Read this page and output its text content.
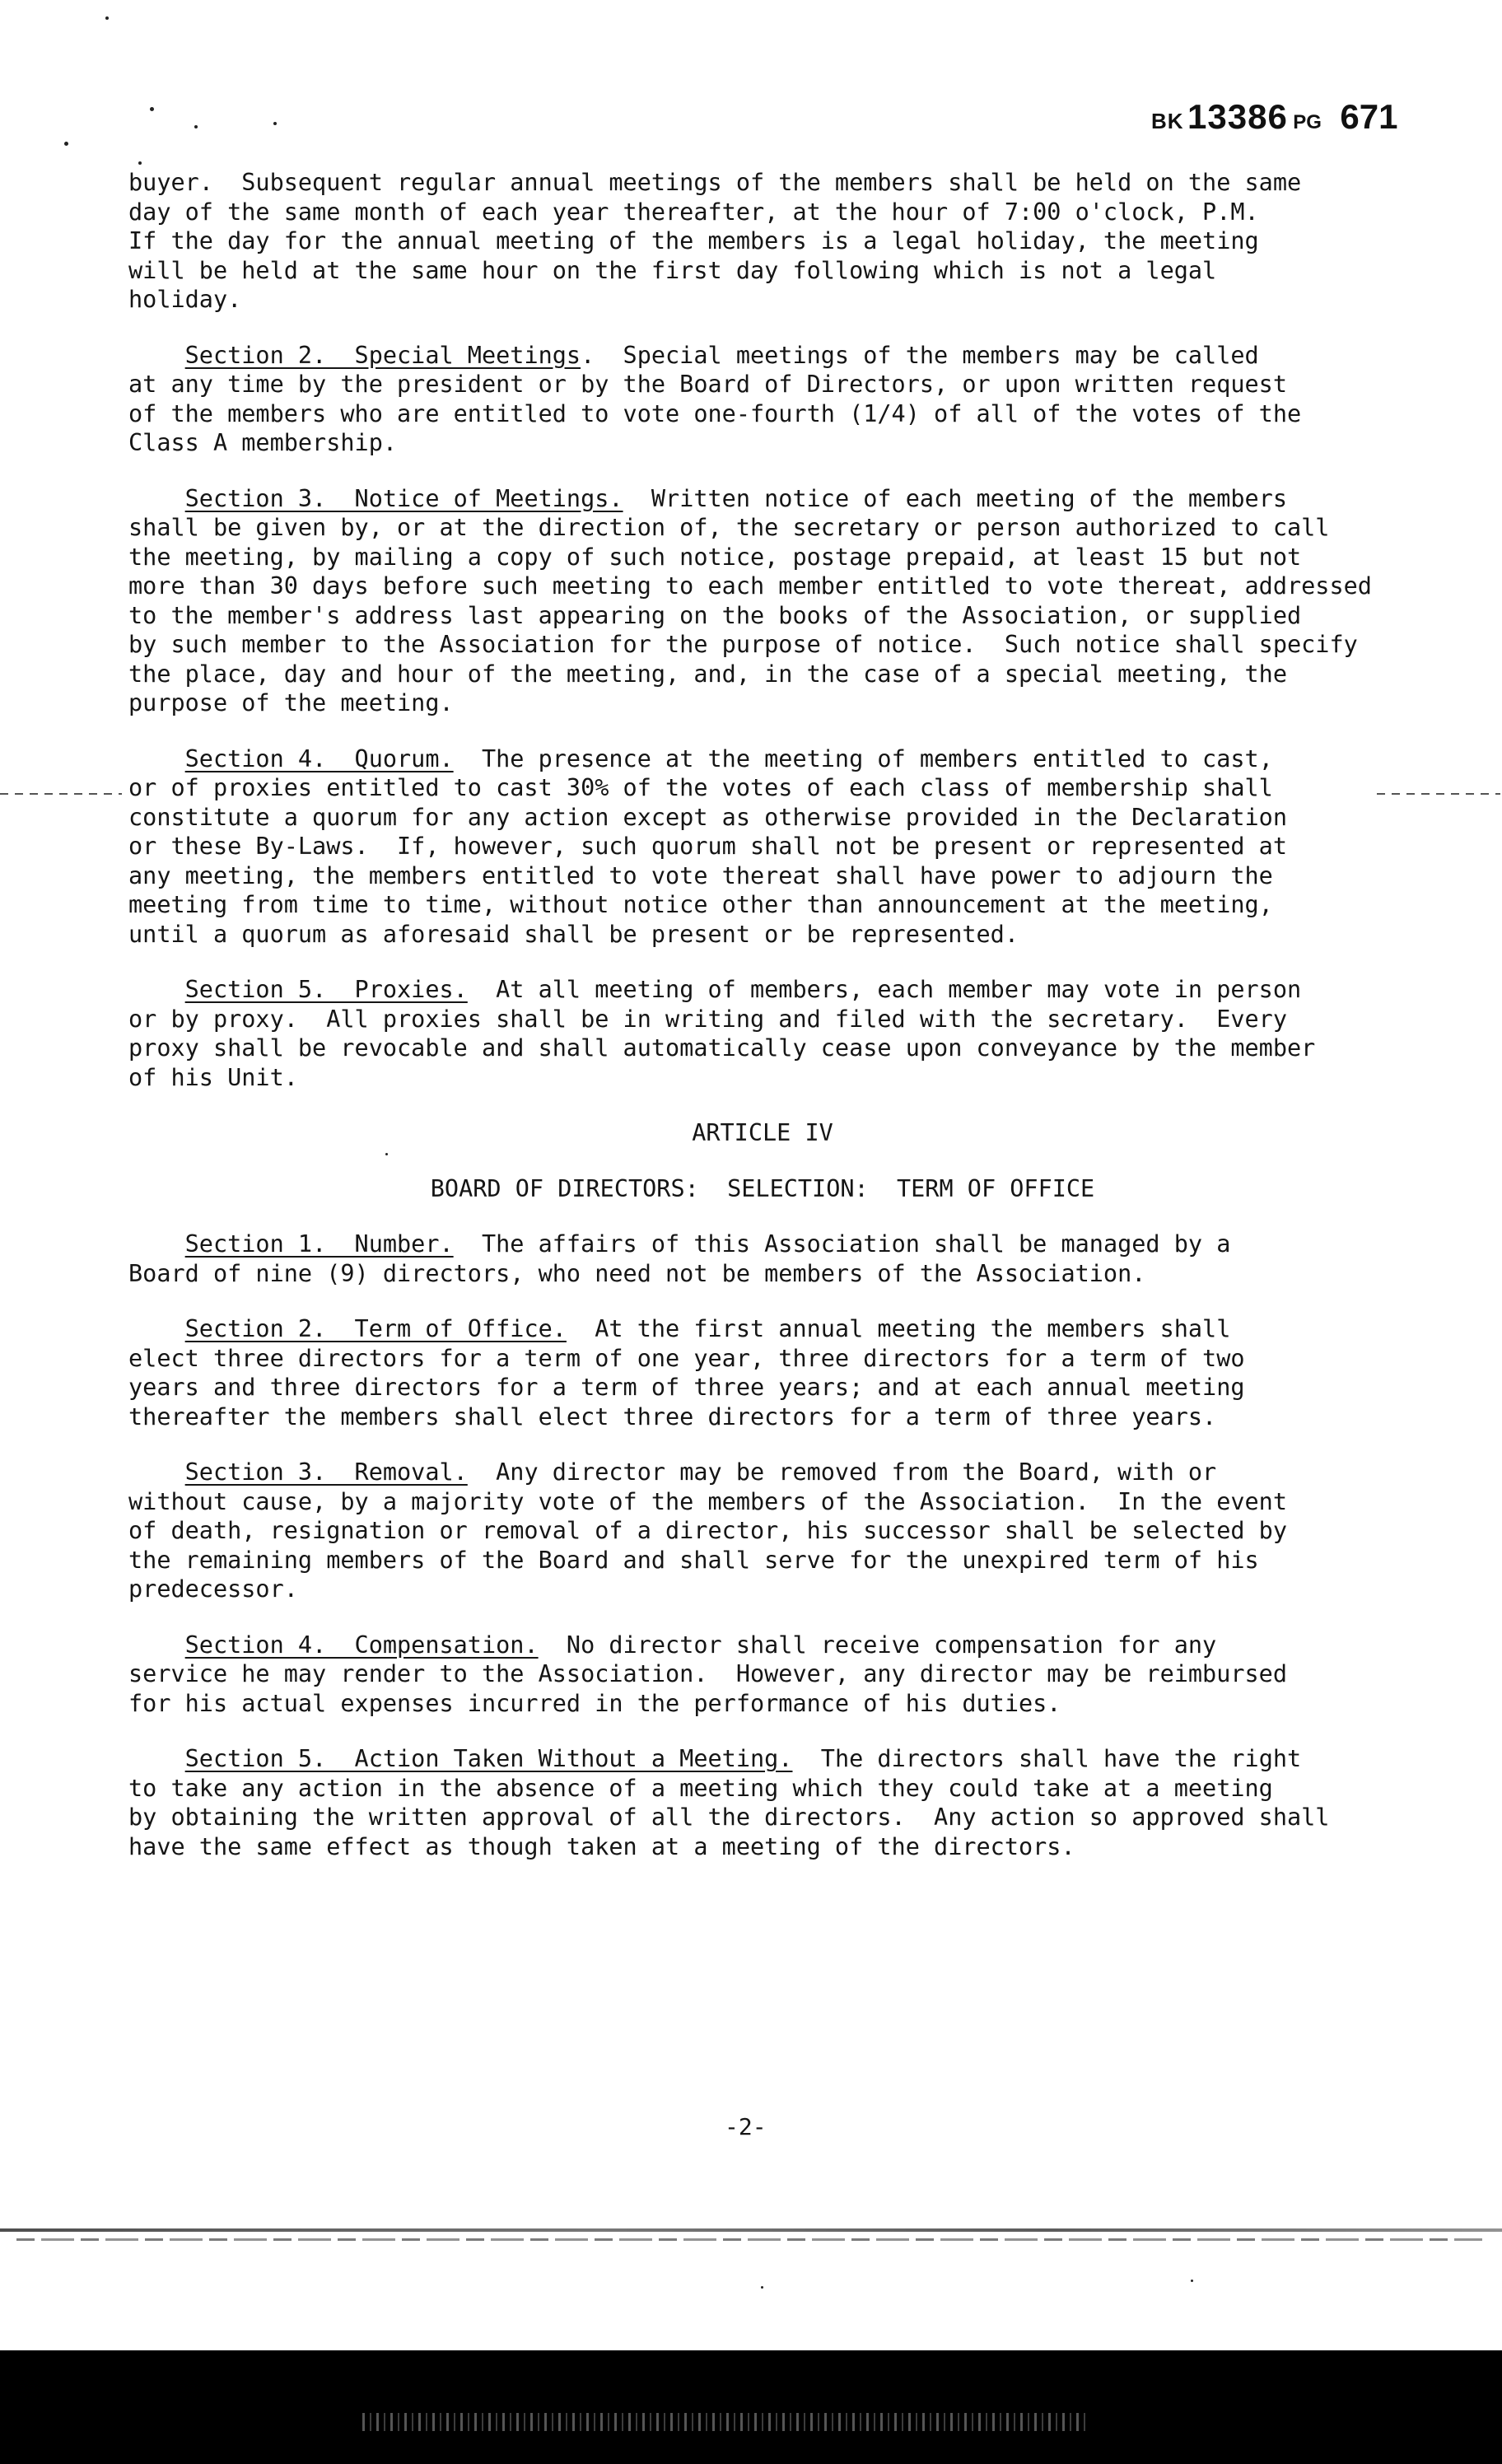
BK 13386 PG 671
buyer.  Subsequent regular annual meetings of the members shall be held on the same
day of the same month of each year thereafter, at the hour of 7:00 o'clock, P.M.
If the day for the annual meeting of the members is a legal holiday, the meeting
will be held at the same hour on the first day following which is not a legal
holiday.
Section 2.  Special Meetings.  Special meetings of the members may be called
at any time by the president or by the Board of Directors, or upon written request
of the members who are entitled to vote one-fourth (1/4) of all of the votes of the
Class A membership.
Section 3.  Notice of Meetings.  Written notice of each meeting of the members
shall be given by, or at the direction of, the secretary or person authorized to call
the meeting, by mailing a copy of such notice, postage prepaid, at least 15 but not
more than 30 days before such meeting to each member entitled to vote thereat, addressed
to the member's address last appearing on the books of the Association, or supplied
by such member to the Association for the purpose of notice.  Such notice shall specify
the place, day and hour of the meeting, and, in the case of a special meeting, the
purpose of the meeting.
Section 4.  Quorum.  The presence at the meeting of members entitled to cast,
or of proxies entitled to cast 30% of the votes of each class of membership shall
constitute a quorum for any action except as otherwise provided in the Declaration
or these By-Laws.  If, however, such quorum shall not be present or represented at
any meeting, the members entitled to vote thereat shall have power to adjourn the
meeting from time to time, without notice other than announcement at the meeting,
until a quorum as aforesaid shall be present or be represented.
Section 5.  Proxies.  At all meeting of members, each member may vote in person
or by proxy.  All proxies shall be in writing and filed with the secretary.  Every
proxy shall be revocable and shall automatically cease upon conveyance by the member
of his Unit.
ARTICLE IV
BOARD OF DIRECTORS:  SELECTION:  TERM OF OFFICE
Section 1.  Number.  The affairs of this Association shall be managed by a
Board of nine (9) directors, who need not be members of the Association.
Section 2.  Term of Office.  At the first annual meeting the members shall
elect three directors for a term of one year, three directors for a term of two
years and three directors for a term of three years; and at each annual meeting
thereafter the members shall elect three directors for a term of three years.
Section 3.  Removal.  Any director may be removed from the Board, with or
without cause, by a majority vote of the members of the Association.  In the event
of death, resignation or removal of a director, his successor shall be selected by
the remaining members of the Board and shall serve for the unexpired term of his
predecessor.
Section 4.  Compensation.  No director shall receive compensation for any
service he may render to the Association.  However, any director may be reimbursed
for his actual expenses incurred in the performance of his duties.
Section 5.  Action Taken Without a Meeting.  The directors shall have the right
to take any action in the absence of a meeting which they could take at a meeting
by obtaining the written approval of all the directors.  Any action so approved shall
have the same effect as though taken at a meeting of the directors.
-2-
